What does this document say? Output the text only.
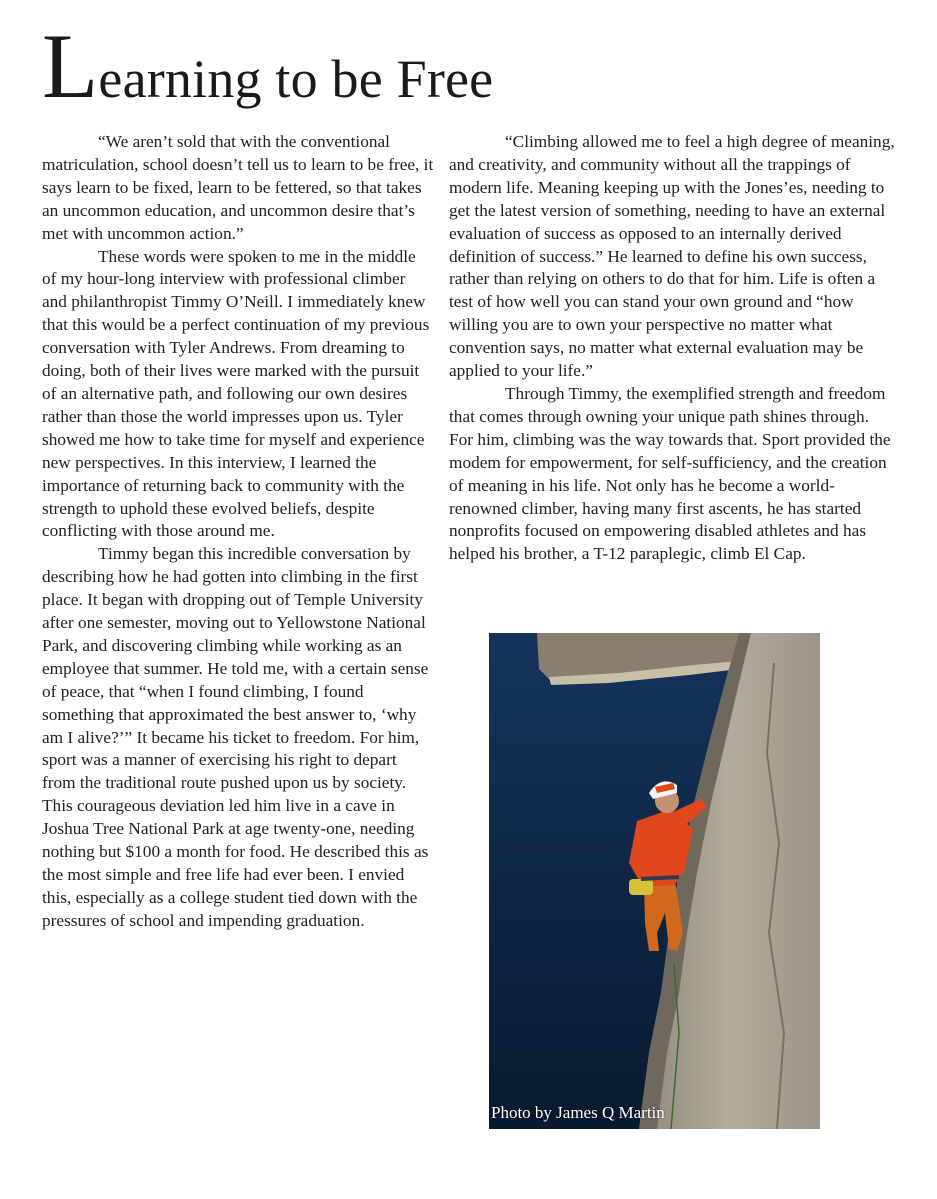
Learning to be Free

“We aren’t sold that with the conventional matriculation, school doesn’t tell us to learn to be free, it says learn to be fixed, learn to be fettered, so that takes an uncommon education, and uncommon desire that’s met with uncommon action.”

These words were spoken to me in the middle of my hour-long interview with professional climber and philanthropist Timmy O’Neill. I immediately knew that this would be a perfect continuation of my previous conversation with Tyler Andrews. From dreaming to doing, both of their lives were marked with the pursuit of an alternative path, and following our own desires rather than those the world impresses upon us. Tyler showed me how to take time for myself and experience new perspectives. In this interview, I learned the importance of returning back to community with the strength to uphold these evolved beliefs, despite conflicting with those around me.

Timmy began this incredible conversation by describing how he had gotten into climbing in the first place. It began with dropping out of Temple University after one semester, moving out to Yellowstone National Park, and discovering climbing while working as an employee that summer. He told me, with a certain sense of peace, that “when I found climbing, I found something that approximated the best answer to, ‘why am I alive?’” It became his ticket to freedom. For him, sport was a manner of exercising his right to depart from the traditional route pushed upon us by society. This courageous deviation led him live in a cave in Joshua Tree National Park at age twenty-one, needing nothing but $100 a month for food. He described this as the most simple and free life had ever been. I envied this, especially as a college student tied down with the pressures of school and impending graduation.

“Climbing allowed me to feel a high degree of meaning, and creativity, and community without all the trappings of modern life. Meaning keeping up with the Jones’es, needing to get the latest version of something, needing to have an external evaluation of success as opposed to an internally derived definition of success.” He learned to define his own success, rather than relying on others to do that for him. Life is often a test of how well you can stand your own ground and “how willing you are to own your perspective no matter what convention says, no matter what external evaluation may be applied to your life.”

Through Timmy, the exemplified strength and freedom that comes through owning your unique path shines through. For him, climbing was the way towards that. Sport provided the modem for empowerment, for self-sufficiency, and the creation of meaning in his life. Not only has he become a world-renowned climber, having many first ascents, he has started nonprofits focused on empowering disabled athletes and has helped his brother, a T-12 paraplegic, climb El Cap.

Photo by James Q Martin
